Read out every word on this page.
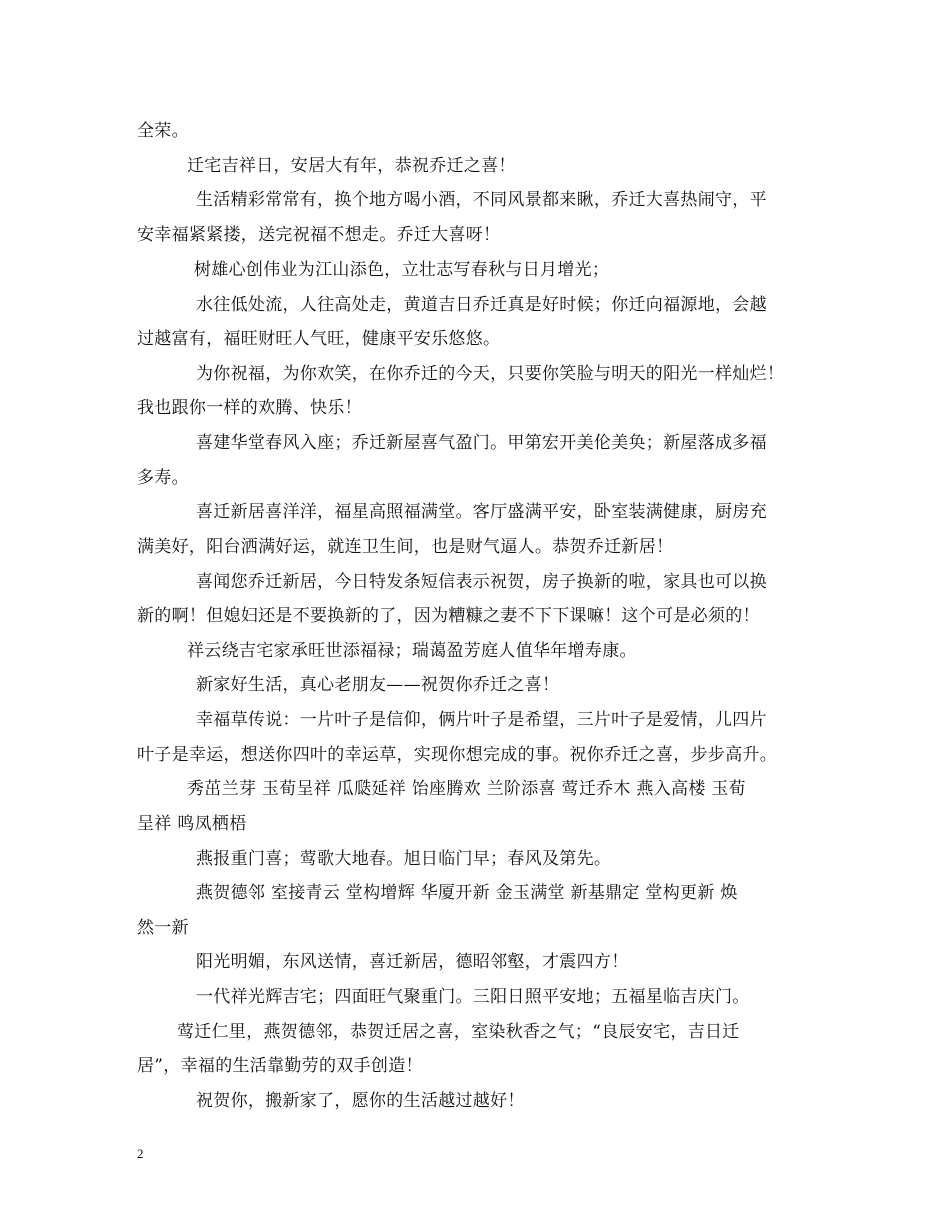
全荣。
迁宅吉祥日，安居大有年，恭祝乔迁之喜！
生活精彩常常有，换个地方喝小酒，不同风景都来瞅，乔迁大喜热闹守，平
安幸福紧紧搂，送完祝福不想走。乔迁大喜呀！
树雄心创伟业为江山添色，立壮志写春秋与日月增光；
水往低处流，人往高处走，黄道吉日乔迁真是好时候；你迁向福源地，会越
过越富有，福旺财旺人气旺，健康平安乐悠悠。
为你祝福，为你欢笑，在你乔迁的今天，只要你笑脸与明天的阳光一样灿烂！
我也跟你一样的欢腾、快乐！
喜建华堂春风入座；乔迁新屋喜气盈门。甲第宏开美伦美奂；新屋落成多福
多寿。
喜迁新居喜洋洋，福星高照福满堂。客厅盛满平安，卧室装满健康，厨房充
满美好，阳台洒满好运，就连卫生间，也是财气逼人。恭贺乔迁新居！
喜闻您乔迁新居，今日特发条短信表示祝贺，房子换新的啦，家具也可以换
新的啊！但媳妇还是不要换新的了，因为糟糠之妻不下下课嘛！这个可是必须的！
祥云绕吉宅家承旺世添福禄；瑞蔼盈芳庭人值华年增寿康。
新家好生活，真心老朋友——祝贺你乔迁之喜！
幸福草传说：一片叶子是信仰，俩片叶子是希望，三片叶子是爱情，儿四片
叶子是幸运，想送你四叶的幸运草，实现你想完成的事。祝你乔迁之喜，步步高升。
秀茁兰芽 玉荀呈祥 瓜瓞延祥 饴座腾欢 兰阶添喜 莺迁乔木 燕入高楼 玉荀
呈祥 鸣凤栖梧
燕报重门喜；莺歌大地春。旭日临门早；春风及第先。
燕贺德邻 室接青云 堂构增辉 华厦开新 金玉满堂 新基鼎定 堂构更新 焕
然一新
阳光明媚，东风送情，喜迁新居，德昭邻壑，才震四方！
一代祥光辉吉宅；四面旺气聚重门。三阳日照平安地；五福星临吉庆门。
莺迁仁里，燕贺德邻，恭贺迁居之喜，室染秋香之气；“良辰安宅，吉日迁
居”，幸福的生活靠勤劳的双手创造！
祝贺你，搬新家了，愿你的生活越过越好！
2
